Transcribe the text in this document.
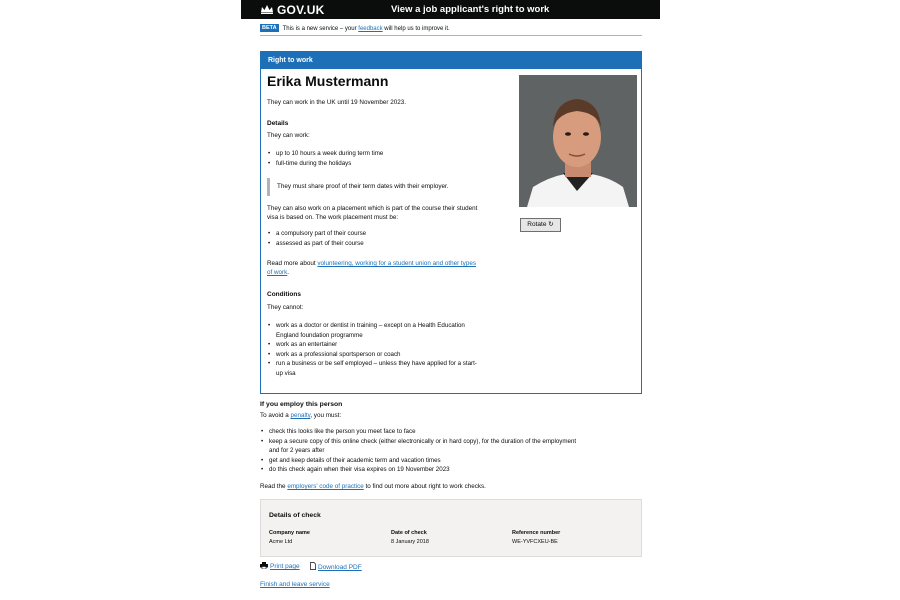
GOV.UK	View a job applicant's right to work
BETA This is a new service – your feedback will help us to improve it.
Right to work
Erika Mustermann
They can work in the UK until 19 November 2023.
Details
They can work:
• up to 10 hours a week during term time
• full-time during the holidays
They must share proof of their term dates with their employer.
They can also work on a placement which is part of the course their student
visa is based on. The work placement must be:
• a compulsory part of their course
• assessed as part of their course
Read more about volunteering, working for a student union and other types
of work.
Conditions
They cannot:
• work as a doctor or dentist in training – except on a Health Education
England foundation programme
• work as an entertainer
• work as a professional sportsperson or coach
• run a business or be self employed – unless they have applied for a start-
up visa
Rotate ↻
If you employ this person
To avoid a penalty, you must:
• check this looks like the person you meet face to face
• keep a secure copy of this online check (either electronically or in hard copy), for the duration of the employment
and for 2 years after
• get and keep details of their academic term and vacation times
• do this check again when their visa expires on 19 November 2023
Read the employers' code of practice to find out more about right to work checks.
Details of check
Company name
Acme Ltd
Date of check
8 January 2018
Reference number
WE-YVFCXEU-BE
Print page	Download PDF
Finish and leave service
